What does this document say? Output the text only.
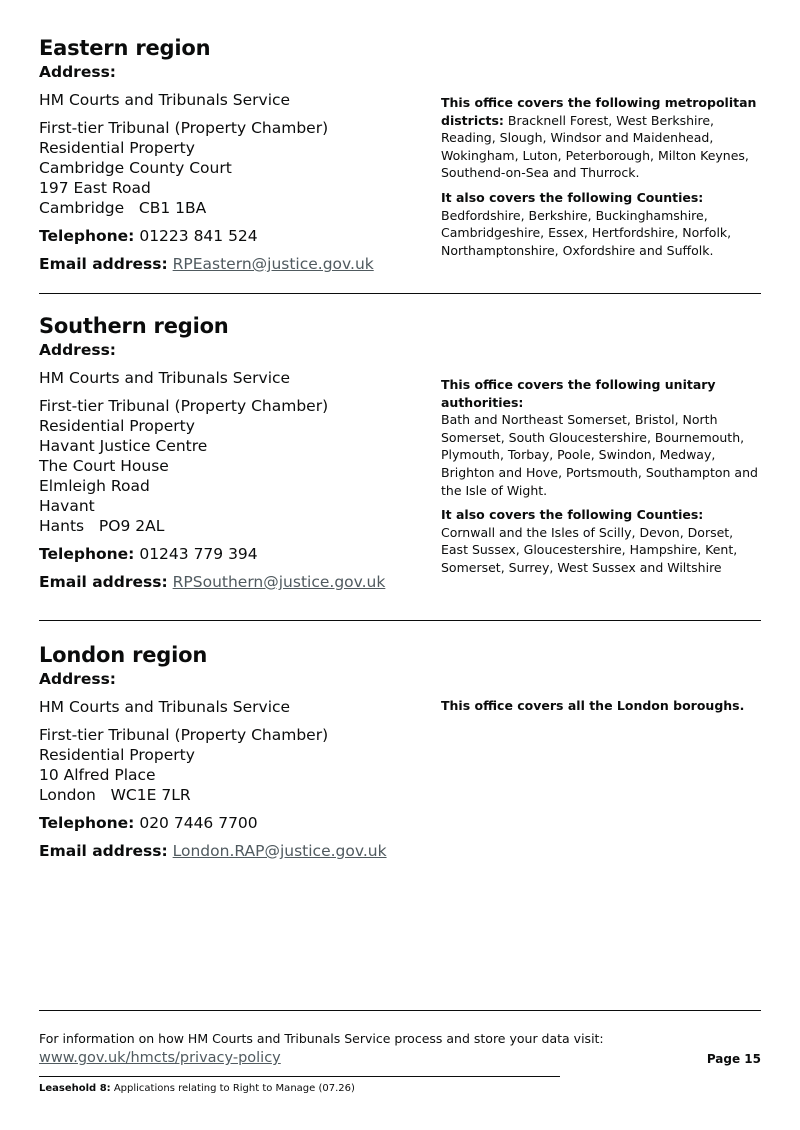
Eastern region

Address:

HM Courts and Tribunals Service

First-tier Tribunal (Property Chamber)
Residential Property
Cambridge County Court
197 East Road
Cambridge   CB1 1BA

Telephone: 01223 841 524

Email address: RPEastern@justice.gov.uk

This office covers the following metropolitan districts: Bracknell Forest, West Berkshire, Reading, Slough, Windsor and Maidenhead, Wokingham, Luton, Peterborough, Milton Keynes, Southend-on-Sea and Thurrock.

It also covers the following Counties:
Bedfordshire, Berkshire, Buckinghamshire, Cambridgeshire, Essex, Hertfordshire, Norfolk, Northamptonshire, Oxfordshire and Suffolk.

Southern region

Address:

HM Courts and Tribunals Service

First-tier Tribunal (Property Chamber)
Residential Property
Havant Justice Centre
The Court House
Elmleigh Road
Havant
Hants   PO9 2AL

Telephone: 01243 779 394

Email address: RPSouthern@justice.gov.uk

This office covers the following unitary authorities:
Bath and Northeast Somerset, Bristol, North Somerset, South Gloucestershire, Bournemouth, Plymouth, Torbay, Poole, Swindon, Medway, Brighton and Hove, Portsmouth, Southampton and the Isle of Wight.

It also covers the following Counties:
Cornwall and the Isles of Scilly, Devon, Dorset, East Sussex, Gloucestershire, Hampshire, Kent, Somerset, Surrey, West Sussex and Wiltshire

London region

Address:

HM Courts and Tribunals Service

First-tier Tribunal (Property Chamber)
Residential Property
10 Alfred Place
London   WC1E 7LR

Telephone: 020 7446 7700

Email address: London.RAP@justice.gov.uk

This office covers all the London boroughs.

For information on how HM Courts and Tribunals Service process and store your data visit:
www.gov.uk/hmcts/privacy-policy	Page 15
Leasehold 8: Applications relating to Right to Manage (07.26)
